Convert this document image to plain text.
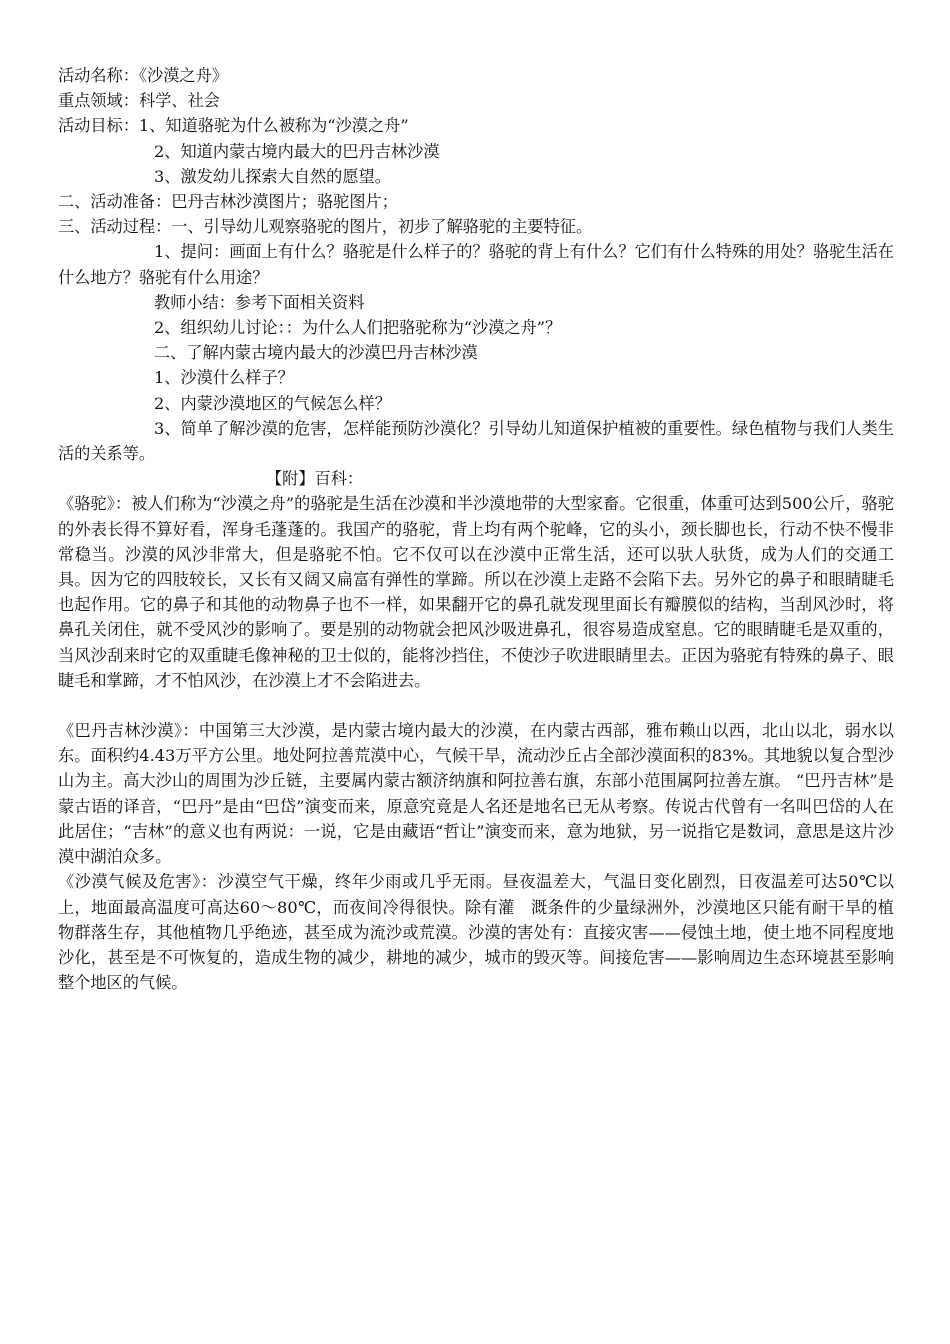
活动名称：《沙漠之舟》
重点领域：科学、社会
活动目标：1、知道骆驼为什么被称为“沙漠之舟”
2、知道内蒙古境内最大的巴丹吉林沙漠
3、激发幼儿探索大自然的愿望。
二、活动准备：巴丹吉林沙漠图片；骆驼图片；
三、活动过程：一、引导幼儿观察骆驼的图片，初步了解骆驼的主要特征。

1、提问：画面上有什么？骆驼是什么样子的？骆驼的背上有什么？它们有什么特殊的用处？骆驼生活在什么地方？骆驼有什么用途？

教师小结：参考下面相关资料
2、组织幼儿讨论：：为什么人们把骆驼称为“沙漠之舟”？
二、了解内蒙古境内最大的沙漠巴丹吉林沙漠
1、沙漠什么样子？
2、内蒙沙漠地区的气候怎么样？

3、简单了解沙漠的危害，怎样能预防沙漠化？引导幼儿知道保护植被的重要性。绿色植物与我们人类生活的关系等。

【附】百科：

《骆驼》：被人们称为“沙漠之舟”的骆驼是生活在沙漠和半沙漠地带的大型家畜。它很重，体重可达到500公斤，骆驼的外表长得不算好看，浑身毛蓬蓬的。我国产的骆驼，背上均有两个驼峰，它的头小，颈长脚也长，行动不快不慢非常稳当。沙漠的风沙非常大，但是骆驼不怕。它不仅可以在沙漠中正常生活，还可以驮人驮货，成为人们的交通工具。因为它的四肢较长，又长有又阔又扁富有弹性的掌蹄。所以在沙漠上走路不会陷下去。另外它的鼻子和眼睛睫毛也起作用。它的鼻子和其他的动物鼻子也不一样，如果翻开它的鼻孔就发现里面长有瓣膜似的结构，当刮风沙时，将鼻孔关闭住，就不受风沙的影响了。要是别的动物就会把风沙吸进鼻孔，很容易造成窒息。它的眼睛睫毛是双重的，当风沙刮来时它的双重睫毛像神秘的卫士似的，能将沙挡住，不使沙子吹进眼睛里去。正因为骆驼有特殊的鼻子、眼睫毛和掌蹄，才不怕风沙，在沙漠上才不会陷进去。

《巴丹吉林沙漠》：中国第三大沙漠，是内蒙古境内最大的沙漠，在内蒙古西部，雅布赖山以西，北山以北，弱水以东。面积约4.43万平方公里。地处阿拉善荒漠中心，气候干旱，流动沙丘占全部沙漠面积的83%。其地貌以复合型沙山为主。高大沙山的周围为沙丘链，主要属内蒙古额济纳旗和阿拉善右旗，东部小范围属阿拉善左旗。 “巴丹吉林”是蒙古语的译音，“巴丹”是由“巴岱”演变而来，原意究竟是人名还是地名已无从考察。传说古代曾有一名叫巴岱的人在此居住；“吉林”的意义也有两说：一说，它是由藏语“哲让”演变而来，意为地狱，另一说指它是数词，意思是这片沙漠中湖泊众多。

《沙漠气候及危害》：沙漠空气干燥，终年少雨或几乎无雨。昼夜温差大，气温日变化剧烈，日夜温差可达50℃以上，地面最高温度可高达60～80℃，而夜间冷得很快。除有灌　溉条件的少量绿洲外，沙漠地区只能有耐干旱的植物群落生存，其他植物几乎绝迹，甚至成为流沙或荒漠。沙漠的害处有：直接灾害——侵蚀土地，使土地不同程度地沙化，甚至是不可恢复的，造成生物的减少，耕地的减少，城市的毁灭等。间接危害——影响周边生态环境甚至影响整个地区的气候。
